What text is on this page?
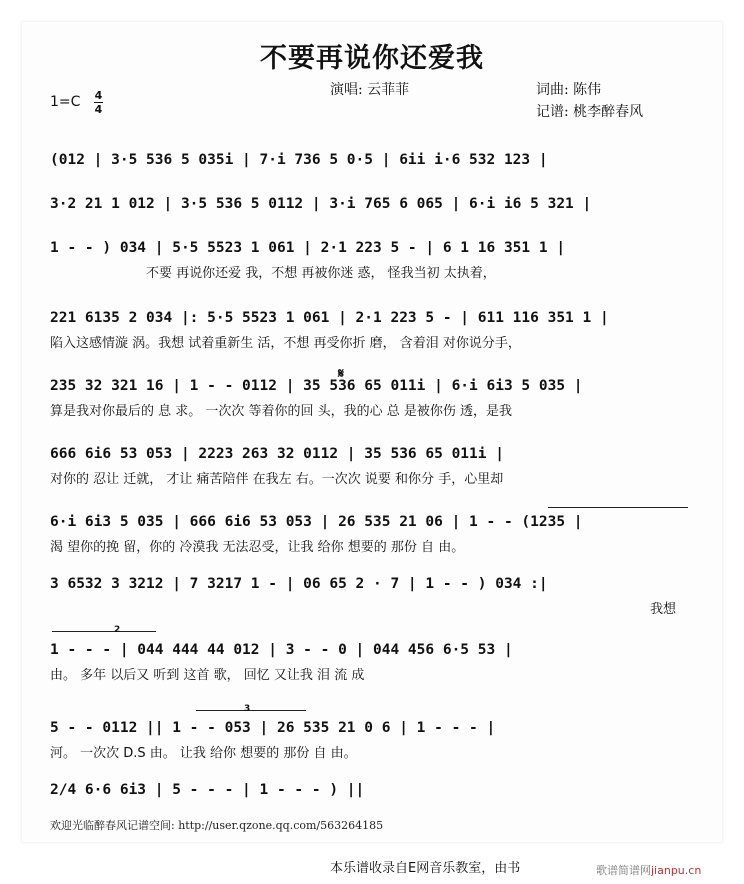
不要再说你还爱我
演唱: 云菲菲	词曲: 陈伟
记谱: 桃李醉春风
1=C 4
4
(012 | 3·5 536 5 035i | 7·i 736 5 0·5 | 6ii i·6 532 123 |
3·2 21 1 012 | 3·5 536 5 0112 | 3·i 765 6 065 | 6·i i6 5 321 |
1 - - ) 034 | 5·5 5523 1 061 | 2·1 223 5 - | 6 1 16 351 1 |
不要 再说你还爱 我，不想 再被你迷 惑， 怪我当初 太执着，
221 6135 2 034 |: 5·5 5523 1 061 | 2·1 223 5 - | 611 116 351 1 |
陷入这感情漩 涡。我想 试着重新生 活，不想 再受你折 磨， 含着泪 对你说分手，
𝄋
235 32 321 16 | 1 - - 0112 | 35 536 65 011i | 6·i 6i3 5 035 |
算是我对你最后的 息 求。 一次次 等着你的回 头，我的心 总 是被你伤 透，是我
666 6i6 53 053 | 2223 263 32 0112 | 35 536 65 011i |
对你的 忍让 迁就， 才让 痛苦陪伴 在我左 右。一次次 说要 和你分 手，心里却
6·i 6i3 5 035 | 666 6i6 53 053 | 26 535 21 06 | 1 - - (1235 |
渴 望你的挽 留，你的 冷漠我 无法忍受，让我 给你 想要的 那份 自 由。
3 6532 3 3212 | 7 3217 1 - | 06 65 2 · 7 | 1 - - ) 034 :|
我想
2
1 - - - | 044 444 44 012 | 3 - - 0 | 044 456 6·5 53 |
由。 多年 以后又 听到 这首 歌， 回忆 又让我 泪 流 成
3
5 - - 0112 || 1 - - 053 | 26 535 21 0 6 | 1 - - - |
河。 一次次 D.S 由。 让我 给你 想要的 那份 自 由。
2/4 6·6 6i3 | 5 - - - | 1 - - - ) ||
欢迎光临醉春风记谱空间: http://user.qzone.qq.com/563264185
本乐谱收录自E网音乐教室，由书	歌谱简谱网jianpu.cn
